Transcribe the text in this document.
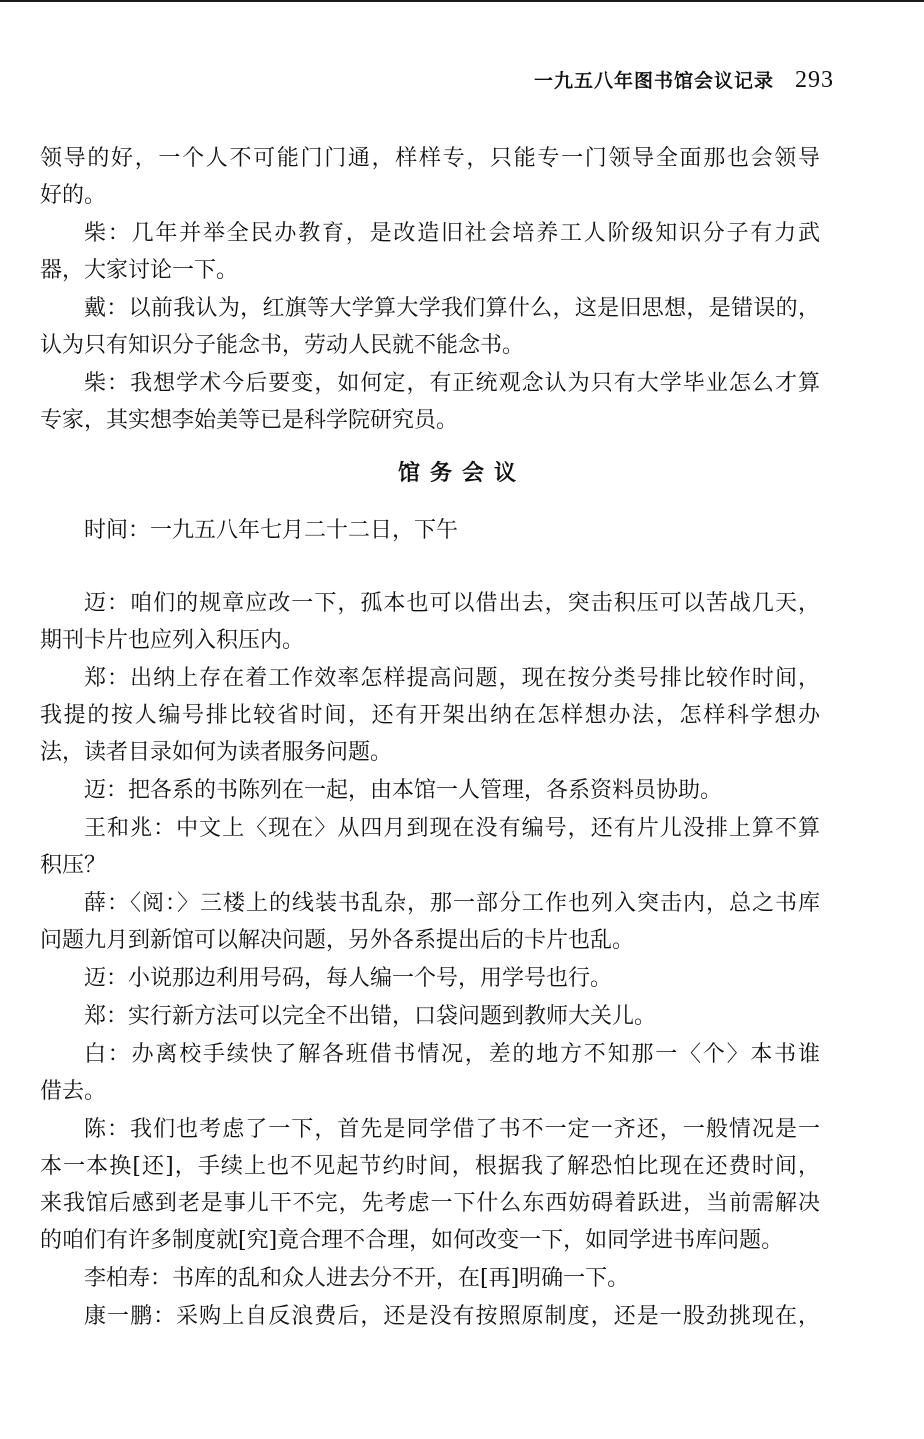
一九五八年图书馆会议记录 293
领导的好，一个人不可能门门通，样样专，只能专一门领导全面那也会领导
好的。
柴：几年并举全民办教育，是改造旧社会培养工人阶级知识分子有力武
器，大家讨论一下。
戴：以前我认为，红旗等大学算大学我们算什么，这是旧思想，是错误的，
认为只有知识分子能念书，劳动人民就不能念书。
柴：我想学术今后要变，如何定，有正统观念认为只有大学毕业怎么才算
专家，其实想李始美等已是科学院研究员。
馆务会议
时间：一九五八年七月二十二日，下午
迈：咱们的规章应改一下，孤本也可以借出去，突击积压可以苦战几天，
期刊卡片也应列入积压内。
郑：出纳上存在着工作效率怎样提高问题，现在按分类号排比较作时间，
我提的按人编号排比较省时间，还有开架出纳在怎样想办法，怎样科学想办
法，读者目录如何为读者服务问题。
迈：把各系的书陈列在一起，由本馆一人管理，各系资料员协助。
王和兆：中文上〈现在〉从四月到现在没有编号，还有片儿没排上算不算
积压？
薛：〈阅：〉三楼上的线装书乱杂，那一部分工作也列入突击内，总之书库
问题九月到新馆可以解决问题，另外各系提出后的卡片也乱。
迈：小说那边利用号码，每人编一个号，用学号也行。
郑：实行新方法可以完全不出错，口袋问题到教师大关儿。
白：办离校手续快了解各班借书情况，差的地方不知那一〈个〉本书谁
借去。
陈：我们也考虑了一下，首先是同学借了书不一定一齐还，一般情况是一
本一本换[还]，手续上也不见起节约时间，根据我了解恐怕比现在还费时间，
来我馆后感到老是事儿干不完，先考虑一下什么东西妨碍着跃进，当前需解决
的咱们有许多制度就[究]竟合理不合理，如何改变一下，如同学进书库问题。
李柏寿：书库的乱和众人进去分不开，在[再]明确一下。
康一鹏：采购上自反浪费后，还是没有按照原制度，还是一股劲挑现在，
